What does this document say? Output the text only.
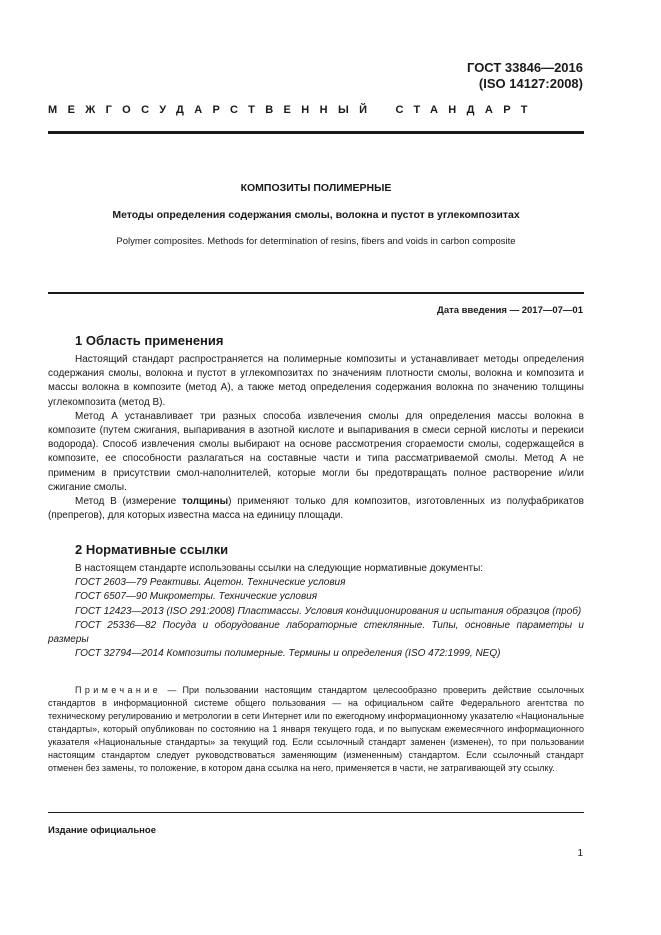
ГОСТ 33846—2016
(ISO 14127:2008)
МЕЖГОСУДАРСТВЕННЫЙ СТАНДАРТ
КОМПОЗИТЫ ПОЛИМЕРНЫЕ
Методы определения содержания смолы, волокна и пустот в углекомпозитах
Polymer composites. Methods for determination of resins, fibers and voids in carbon composite
Дата введения — 2017—07—01
1 Область применения

Настоящий стандарт распространяется на полимерные композиты и устанавливает методы определения содержания смолы, волокна и пустот в углекомпозитах по значениям плотности смолы, волокна и композита и массы волокна в композите (метод А), а также метод определения содержания волокна по значению толщины углекомпозита (метод В).

Метод А устанавливает три разных способа извлечения смолы для определения массы волокна в композите (путем сжигания, выпаривания в азотной кислоте и выпаривания в смеси серной кислоты и перекиси водорода). Способ извлечения смолы выбирают на основе рассмотрения сгораемости смолы, содержащейся в композите, ее способности разлагаться на составные части и типа рассматриваемой смолы. Метод А не применим в присутствии смол-наполнителей, которые могли бы предотвращать полное растворение и/или сжигание смолы.

Метод В (измерение толщины) применяют только для композитов, изготовленных из полуфабрикатов (препрегов), для которых известна масса на единицу площади.

2 Нормативные ссылки

В настоящем стандарте использованы ссылки на следующие нормативные документы:

ГОСТ 2603—79 Реактивы. Ацетон. Технические условия

ГОСТ 6507—90 Микрометры. Технические условия

ГОСТ 12423—2013 (ISO 291:2008) Пластмассы. Условия кондиционирования и испытания образцов (проб)

ГОСТ 25336—82 Посуда и оборудование лабораторные стеклянные. Типы, основные параметры и размеры

ГОСТ 32794—2014 Композиты полимерные. Термины и определения (ISO 472:1999, NEQ)

Примечание — При пользовании настоящим стандартом целесообразно проверить действие ссылочных стандартов в информационной системе общего пользования — на официальном сайте Федерального агентства по техническому регулированию и метрологии в сети Интернет или по ежегодному информационному указателю «Национальные стандарты», который опубликован по состоянию на 1 января текущего года, и по выпускам ежемесячного информационного указателя «Национальные стандарты» за текущий год. Если ссылочный стандарт заменен (изменен), то при пользовании настоящим стандартом следует руководствоваться заменяющим (измененным) стандартом. Если ссылочный стандарт отменен без замены, то положение, в котором дана ссылка на него, применяется в части, не затрагивающей эту ссылку.

Издание официальное
1
